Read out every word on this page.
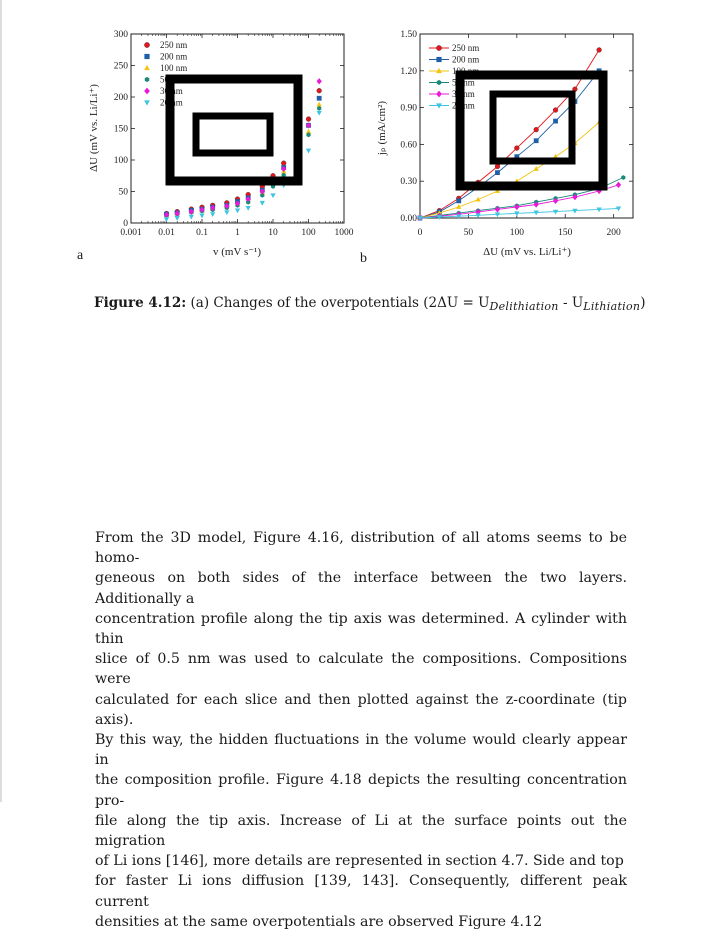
0.001 0.01 0.1	1	10 100 1000
0
50
100
150
200
250
300
250 nm
200 nm
100 nm
50 nm
30 nm
20 nm
ΔU (mV vs. Li/Li⁺)
v (mV s⁻¹)
0	50	100	150	200
0.00
0.30
0.60
0.90
1.20
1.50
250 nm
200 nm
100 nm
50 nm
30 nm
20 nm
jₚ (mA/cm²)
ΔU (mV vs. Li/Li⁺)
a	b
Figure 4.12: (a) Changes of the overpotentials $(2\Delta U = U_{Delithiation} - U_{Lithiation})$
From the 3D model, Figure 4.16, distribution of all atoms seems to be homo-
geneous on both sides of the interface between the two layers. Additionally a
concentration profile along the tip axis was determined. A cylinder with thin
slice of 0.5 nm was used to calculate the compositions. Compositions were
calculated for each slice and then plotted against the z-coordinate (tip axis).
By this way, the hidden fluctuations in the volume would clearly appear in
the composition profile. Figure 4.18 depicts the resulting concentration pro-
file along the tip axis. Increase of Li at the surface points out the migration
of Li ions [146], more details are represented in section 4.7. Side and top
for faster Li ions diffusion [139, 143]. Consequently, different peak current
densities at the same overpotentials are observed Figure 4.12
